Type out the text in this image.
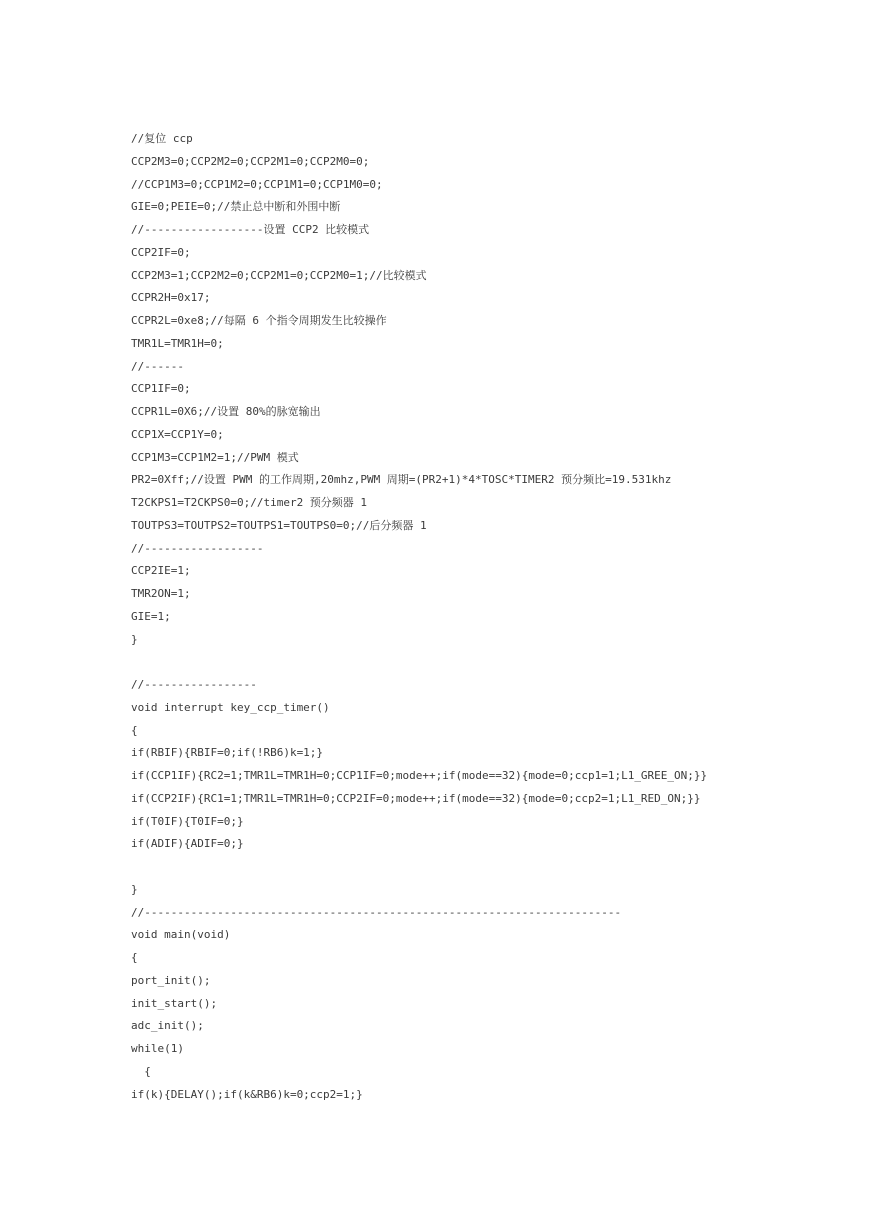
//复位 ccp
CCP2M3=0;CCP2M2=0;CCP2M1=0;CCP2M0=0;
//CCP1M3=0;CCP1M2=0;CCP1M1=0;CCP1M0=0;
GIE=0;PEIE=0;//禁止总中断和外围中断
//------------------设置 CCP2 比较模式
CCP2IF=0;
CCP2M3=1;CCP2M2=0;CCP2M1=0;CCP2M0=1;//比较模式
CCPR2H=0x17;
CCPR2L=0xe8;//每隔 6 个指令周期发生比较操作
TMR1L=TMR1H=0;
//------
CCP1IF=0;
CCPR1L=0X6;//设置 80%的脉宽输出
CCP1X=CCP1Y=0;
CCP1M3=CCP1M2=1;//PWM 模式
PR2=0Xff;//设置 PWM 的工作周期,20mhz,PWM 周期=(PR2+1)*4*TOSC*TIMER2 预分频比=19.531khz
T2CKPS1=T2CKPS0=0;//timer2 预分频器 1
TOUTPS3=TOUTPS2=TOUTPS1=TOUTPS0=0;//后分频器 1
//------------------
CCP2IE=1;
TMR2ON=1;
GIE=1;
}
//-----------------
void interrupt key_ccp_timer()
{
if(RBIF){RBIF=0;if(!RB6)k=1;}
if(CCP1IF){RC2=1;TMR1L=TMR1H=0;CCP1IF=0;mode++;if(mode==32){mode=0;ccp1=1;L1_GREE_ON;}}
if(CCP2IF){RC1=1;TMR1L=TMR1H=0;CCP2IF=0;mode++;if(mode==32){mode=0;ccp2=1;L1_RED_ON;}}
if(T0IF){T0IF=0;}
if(ADIF){ADIF=0;}
}
//------------------------------------------------------------------------
void main(void)
{
port_init();
init_start();
adc_init();
while(1)
{
if(k){DELAY();if(k&RB6)k=0;ccp2=1;}
